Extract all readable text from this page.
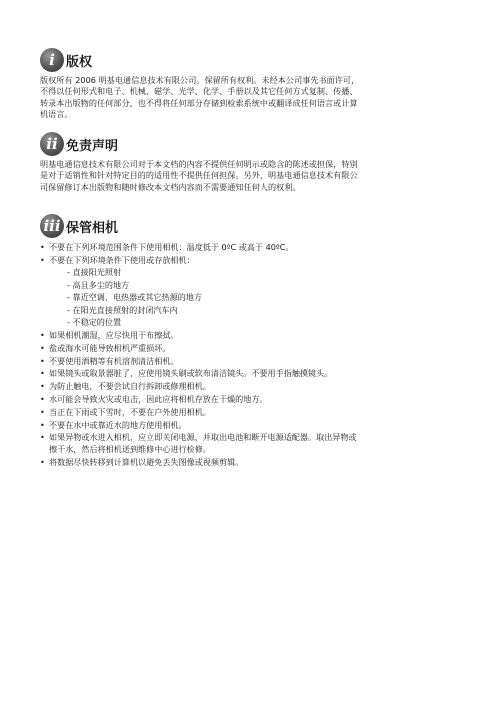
i 版权
版权所有 2006 明基电通信息技术有限公司。保留所有权利。未经本公司事先书面许可，
不得以任何形式和电子、机械、磁学、光学、化学、手册以及其它任何方式复制、传播、
转录本出版物的任何部分，也不得将任何部分存储到检索系统中或翻译成任何语言或计算
机语言。
ii 免责声明
明基电通信息技术有限公司对于本文档的内容不提供任何明示或隐含的陈述或担保，特别
是对于适销性和针对特定目的的适用性不提供任何担保。另外，明基电通信息技术有限公
司保留修订本出版物和随时修改本文档内容而不需要通知任何人的权利。
iii 保管相机
• 不要在下列环境范围条件下使用相机：温度低于 0ºC 或高于 40ºC。
• 不要在下列环境条件下使用或存放相机：
- 直接阳光照射
- 高且多尘的地方
- 靠近空调、电热器或其它热源的地方
- 在阳光直接照射的封闭汽车内
- 不稳定的位置
• 如果相机潮湿，应尽快用干布擦拭。
• 盐或海水可能导致相机严重损坏。
• 不要使用酒精等有机溶剂清洁相机。
• 如果镜头或取景器脏了，应使用镜头刷或软布清洁镜头。不要用手指触摸镜头。
• 为防止触电，不要尝试自行拆卸或修理相机。
• 水可能会导致火灾或电击，因此应将相机存放在干燥的地方。
• 当正在下雨或下雪时，不要在户外使用相机。
• 不要在水中或靠近水的地方使用相机。
• 如果异物或水进入相机，应立即关闭电源，并取出电池和断开电源适配器。取出异物或
擦干水，然后将相机送到维修中心进行检修。
• 将数据尽快转移到计算机以避免丢失图像或视频剪辑。
